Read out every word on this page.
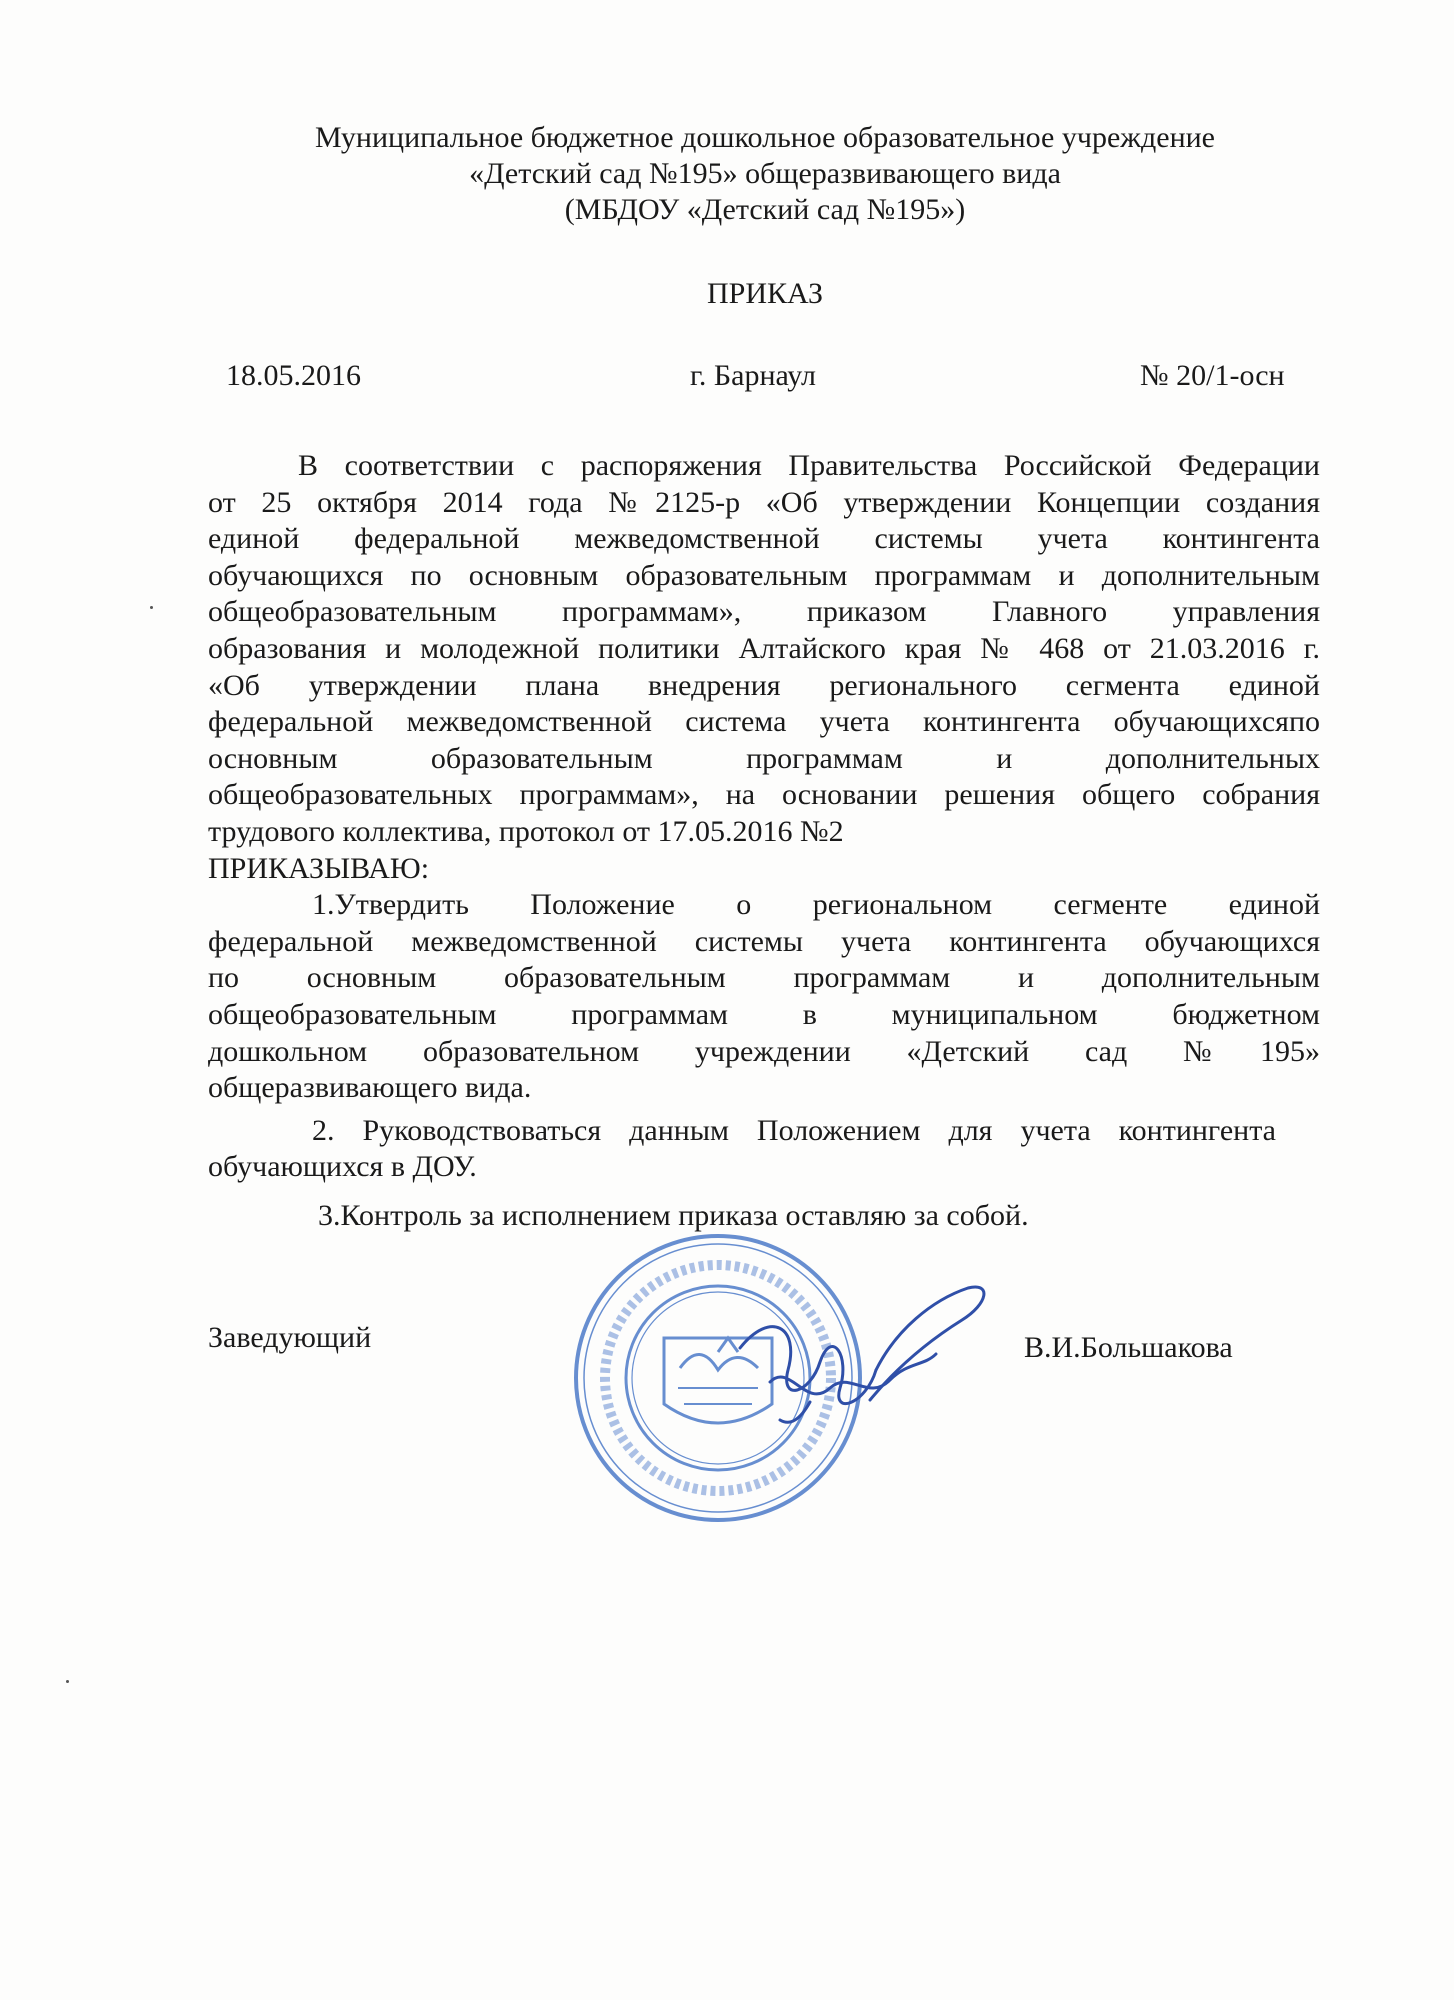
Муниципальное бюджетное дошкольное образовательное учреждение
«Детский сад №195» общеразвивающего вида
(МБДОУ «Детский сад №195»)
ПРИКАЗ
18.05.2016	г. Барнаул	№ 20/1-осн

В соответствии с распоряжения Правительства Российской Федерации

от 25 октября 2014 года №2125-р «Об утверждении Концепции создания

единой федеральной межведомственной системы учета контингента

обучающихся по основным образовательным программам и дополнительным

общеобразовательным программам», приказом Главного управления

образования и молодежной политики Алтайского края № 468 от 21.03.2016 г.

«Об утверждении плана внедрения регионального сегмента единой

федеральной межведомственной система учета контингента обучающихсяпо

основным образовательным программам и дополнительных

общеобразовательных программам», на основании решения общего собрания

трудового коллектива, протокол от 17.05.2016 №2

ПРИКАЗЫВАЮ:

1.Утвердить Положение о региональном сегменте единой

федеральной межведомственной системы учета контингента обучающихся

по основным образовательным программам и дополнительным

общеобразовательным программам в муниципальном бюджетном

дошкольном образовательном учреждении «Детский сад №195»

общеразвивающего вида.

2. Руководствоваться данным Положением для учета контингента

обучающихся в ДОУ.

3.Контроль за исполнением приказа оставляю за собой.

Заведующий	В.И.Большакова
